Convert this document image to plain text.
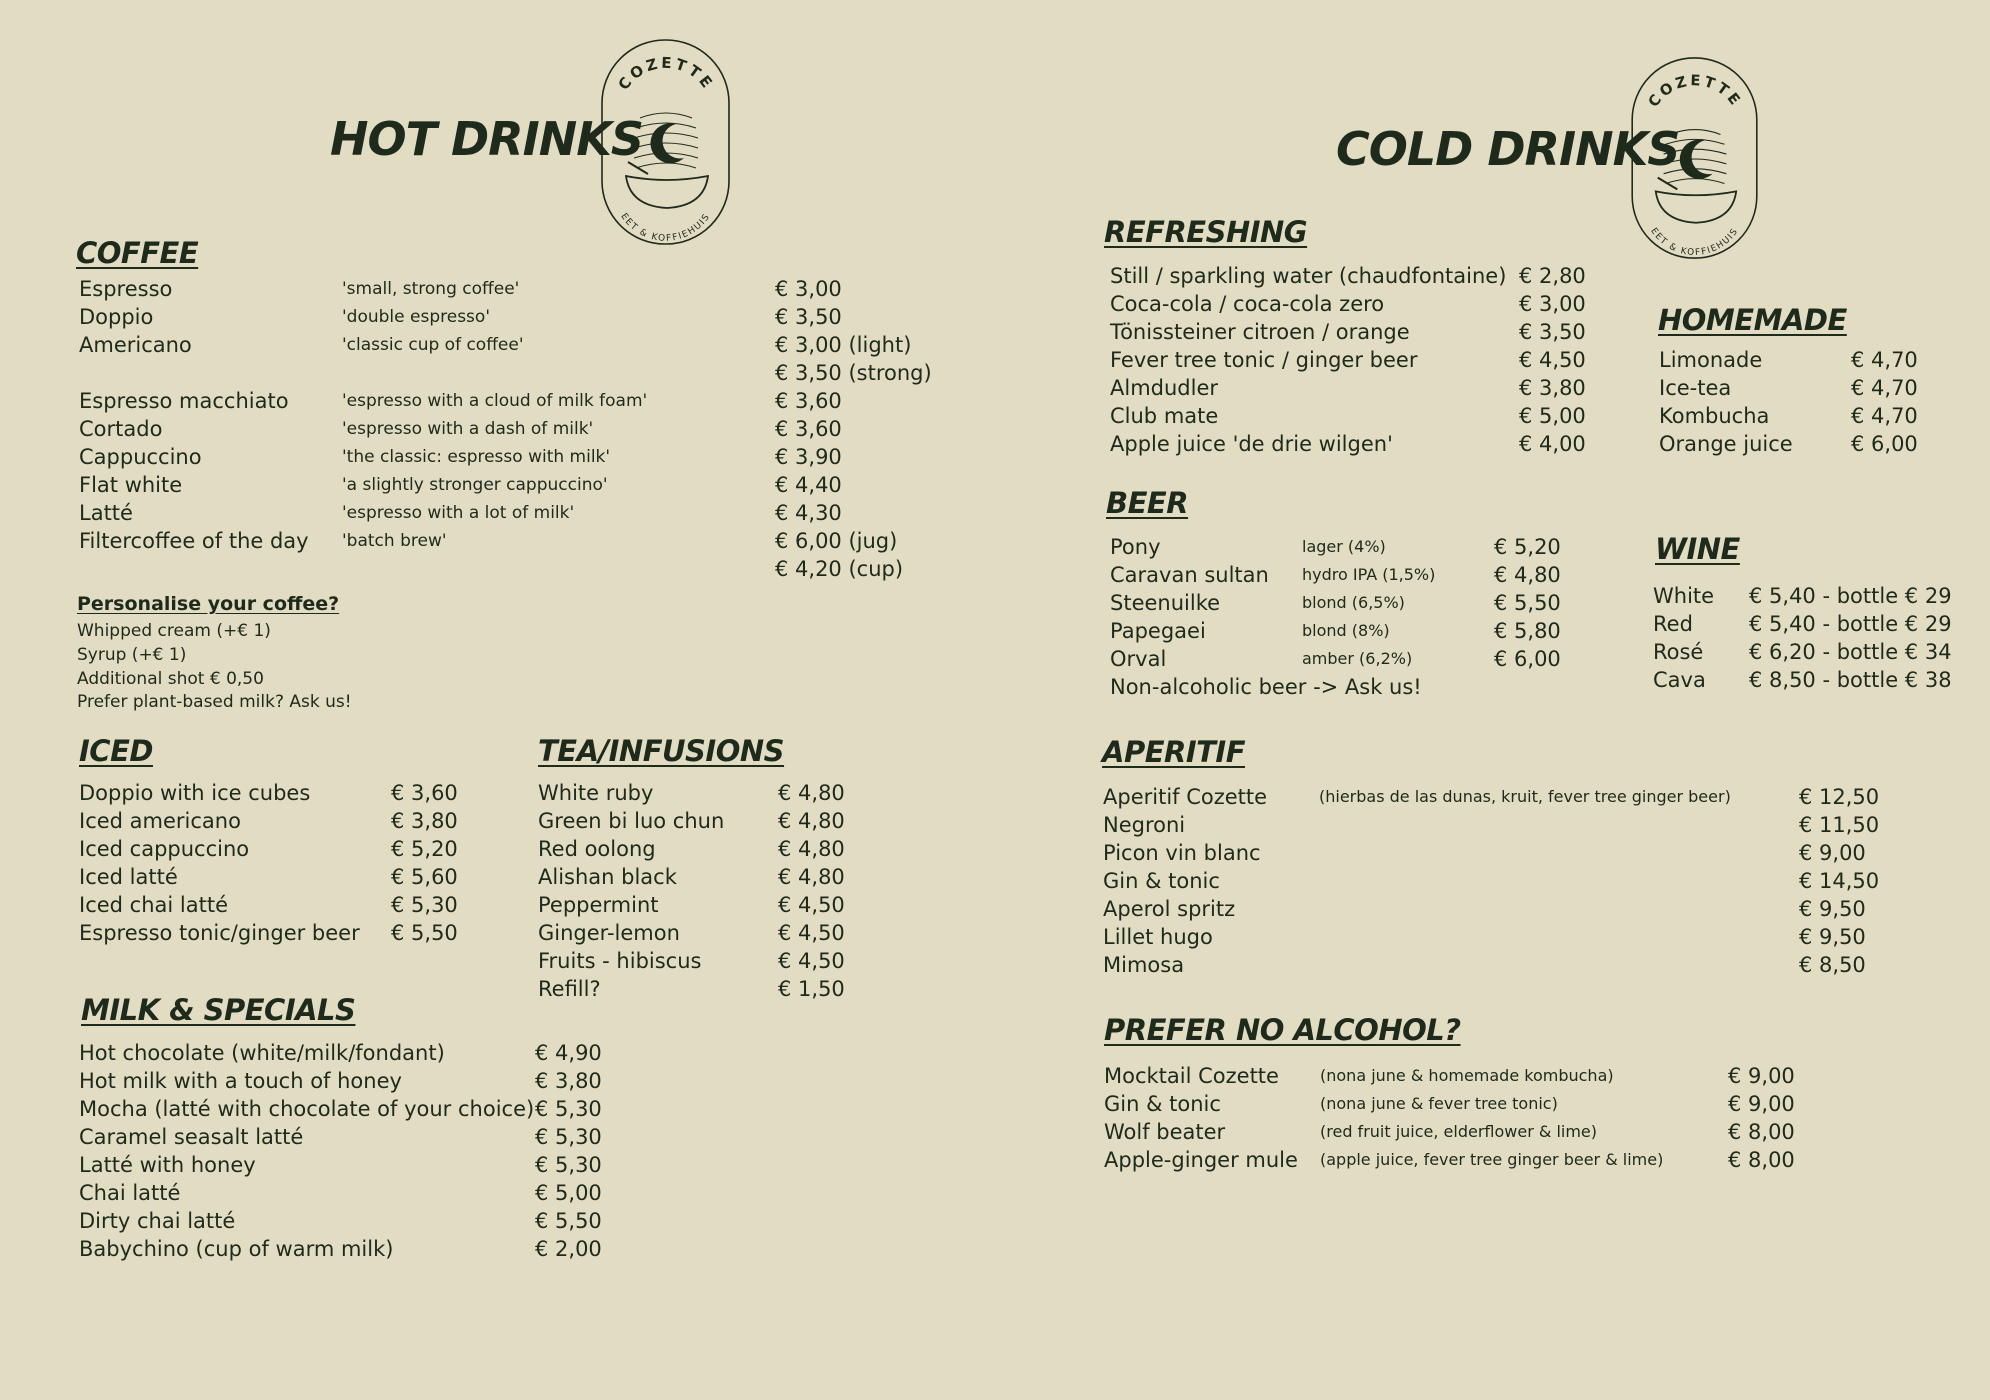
HOT DRINKS
COZETTE
EET & KOFFIEHUIS
COFFEE
Espresso
Doppio
Americano
Espresso macchiato
Cortado
Cappuccino
Flat white
Latté
Filtercoffee of the day
'small, strong coffee'
'double espresso'
'classic cup of coffee'
'espresso with a cloud of milk foam'
'espresso with a dash of milk'
'the classic: espresso with milk'
'a slightly stronger cappuccino'
'espresso with a lot of milk'
'batch brew'
€ 3,00
€ 3,50
€ 3,00 (light)
€ 3,50 (strong)
€ 3,60
€ 3,60
€ 3,90
€ 4,40
€ 4,30
€ 6,00 (jug)
€ 4,20 (cup)
Personalise your coffee?
Whipped cream (+€ 1)
Syrup (+€ 1)
Additional shot € 0,50
Prefer plant-based milk? Ask us!
ICED
Doppio with ice cubes
Iced americano
Iced cappuccino
Iced latté
Iced chai latté
Espresso tonic/ginger beer
€ 3,60
€ 3,80
€ 5,20
€ 5,60
€ 5,30
€ 5,50
TEA/INFUSIONS
White ruby
Green bi luo chun
Red oolong
Alishan black
Peppermint
Ginger-lemon
Fruits - hibiscus
Refill?
€ 4,80
€ 4,80
€ 4,80
€ 4,80
€ 4,50
€ 4,50
€ 4,50
€ 1,50
MILK & SPECIALS
Hot chocolate (white/milk/fondant)
Hot milk with a touch of honey
Mocha (latté with chocolate of your choice)
Caramel seasalt latté
Latté with honey
Chai latté
Dirty chai latté
Babychino (cup of warm milk)
€ 4,90
€ 3,80
€ 5,30
€ 5,30
€ 5,30
€ 5,00
€ 5,50
€ 2,00
COLD DRINKS
COZETTE
EET & KOFFIEHUIS
REFRESHING
Still / sparkling water (chaudfontaine)
Coca-cola / coca-cola zero
Tönissteiner citroen / orange
Fever tree tonic / ginger beer
Almdudler
Club mate
Apple juice 'de drie wilgen'
€ 2,80
€ 3,00
€ 3,50
€ 4,50
€ 3,80
€ 5,00
€ 4,00
HOMEMADE
Limonade
Ice-tea
Kombucha
Orange juice
€ 4,70
€ 4,70
€ 4,70
€ 6,00
BEER
Pony
Caravan sultan
Steenuilke
Papegaei
Orval
Non-alcoholic beer -> Ask us!
lager (4%)
hydro IPA (1,5%)
blond (6,5%)
blond (8%)
amber (6,2%)
€ 5,20
€ 4,80
€ 5,50
€ 5,80
€ 6,00
WINE
White
Red
Rosé
Cava
€ 5,40 - bottle € 29
€ 5,40 - bottle € 29
€ 6,20 - bottle € 34
€ 8,50 - bottle € 38
APERITIF
Aperitif Cozette
Negroni
Picon vin blanc
Gin & tonic
Aperol spritz
Lillet hugo
Mimosa
(hierbas de las dunas, kruit, fever tree ginger beer)	€ 12,50
€ 11,50
€ 9,00
€ 14,50
€ 9,50
€ 9,50
€ 8,50
PREFER NO ALCOHOL?
Mocktail Cozette
Gin & tonic
Wolf beater
Apple-ginger mule
(nona june & homemade kombucha)
(nona june & fever tree tonic)
(red fruit juice, elderflower & lime)
(apple juice, fever tree ginger beer & lime)
€ 9,00
€ 9,00
€ 8,00
€ 8,00
